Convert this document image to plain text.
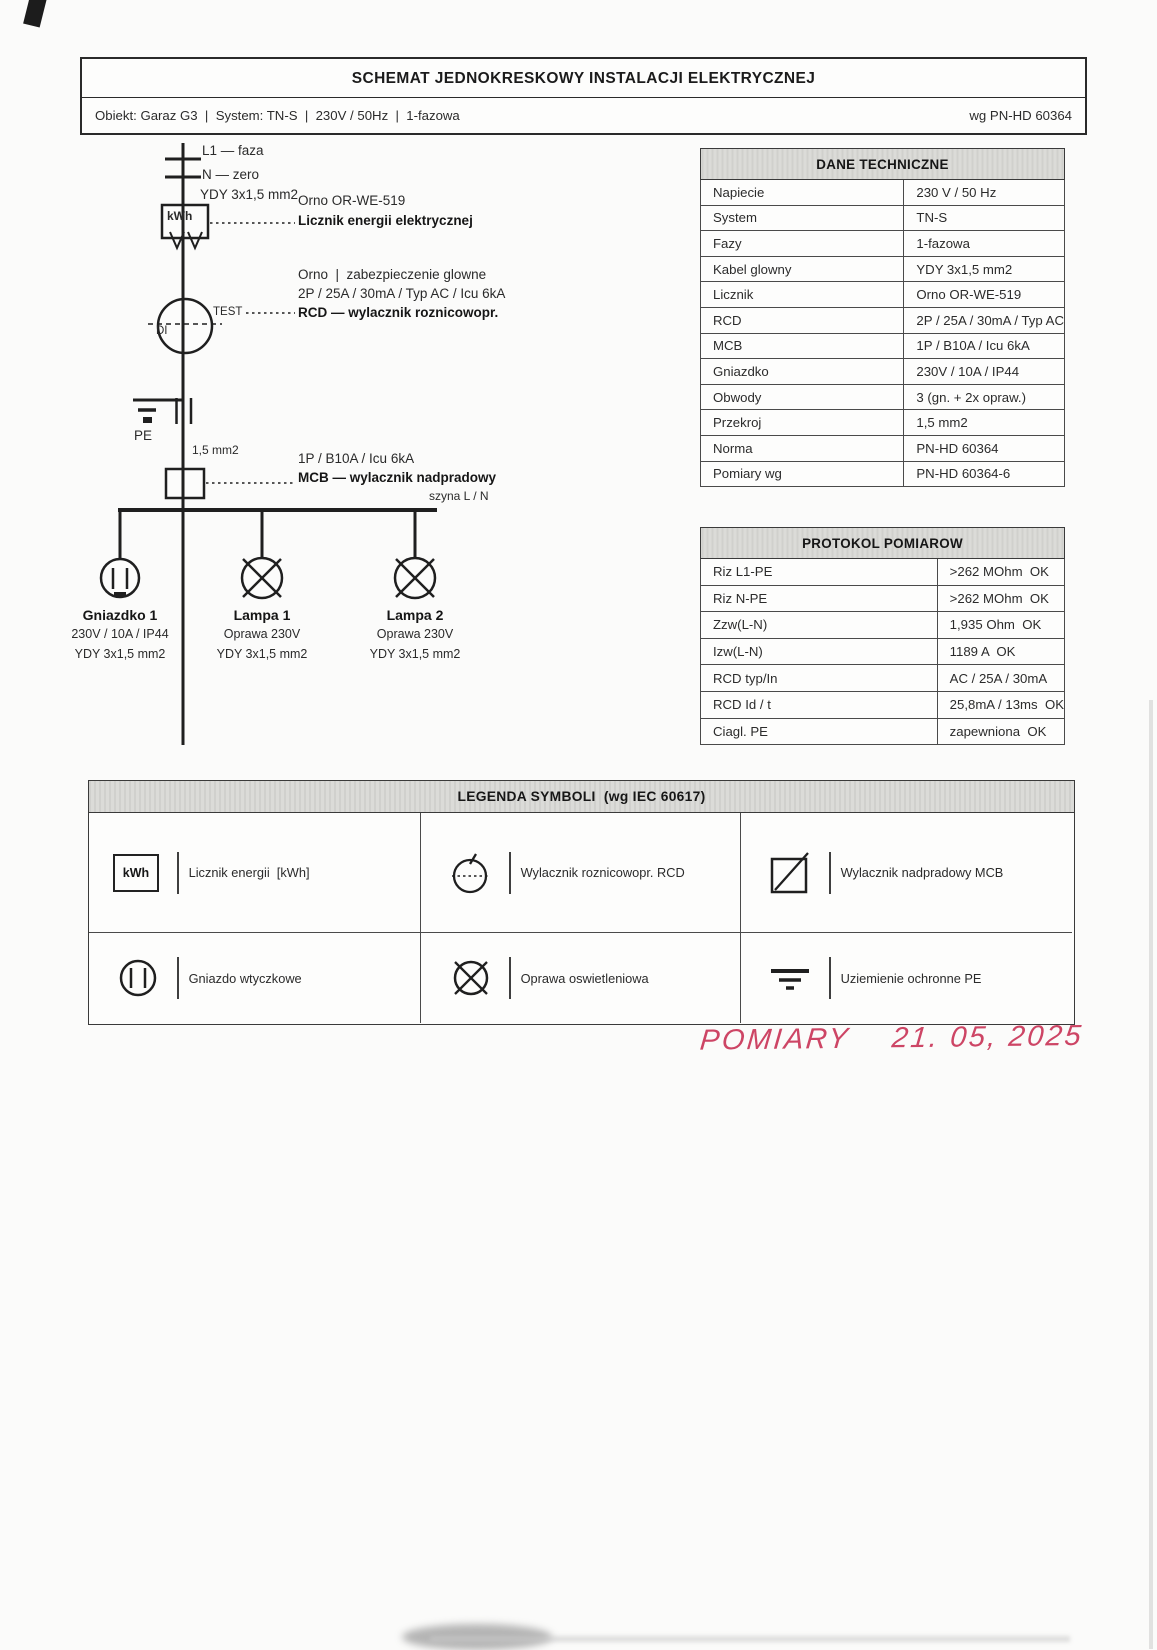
SCHEMAT JEDNOKRESKOWY INSTALACJI ELEKTRYCZNEJ
Obiekt: Garaz G3  |  System: TN-S  |  230V / 50Hz  |  1-fazowa	wg PN-HD 60364
L1 — faza
N — zero
YDY 3x1,5 mm2
kWh
Orno OR-WE-519
Licznik energii elektrycznej
Orno  |  zabezpieczenie glowne
2P / 25A / 30mA / Typ AC / Icu 6kA
RCD — wylacznik roznicowopr.
TEST
DI
PE
1,5 mm2
1P / B10A / Icu 6kA
MCB — wylacznik nadpradowy
szyna L / N
Gniazdko 1
230V / 10A / IP44
YDY 3x1,5 mm2
Lampa 1
Oprawa 230V
YDY 3x1,5 mm2
Lampa 2
Oprawa 230V
YDY 3x1,5 mm2
DANE TECHNICZNE	
Napiecie	230 V / 50 Hz
System	TN-S
Fazy	1-fazowa
Kabel glowny	YDY 3x1,5 mm2
Licznik	Orno OR-WE-519
RCD	2P / 25A / 30mA / Typ AC
MCB	1P / B10A / Icu 6kA
Gniazdko	230V / 10A / IP44
Obwody	3 (gn. + 2x opraw.)
Przekroj	1,5 mm2
Norma	PN-HD 60364
Pomiary wg	PN-HD 60364-6
PROTOKOL POMIAROW	
Riz L1-PE	>262 MOhm  OK
Riz N-PE	>262 MOhm  OK
Zzw(L-N)	1,935 Ohm  OK
Izw(L-N)	1189 A  OK
RCD typ/In	AC / 25A / 30mA
RCD Id / t	25,8mA / 13ms  OK
Ciagl. PE	zapewniona  OK
LEGENDA SYMBOLI  (wg IEC 60617)
kWh	Licznik energii  [kWh]	Wylacznik roznicowopr. RCD	Wylacznik nadpradowy MCB
Gniazdo wtyczkowe	Oprawa oswietleniowa	Uziemienie ochronne PE
POMIARY    21. 05, 2025
